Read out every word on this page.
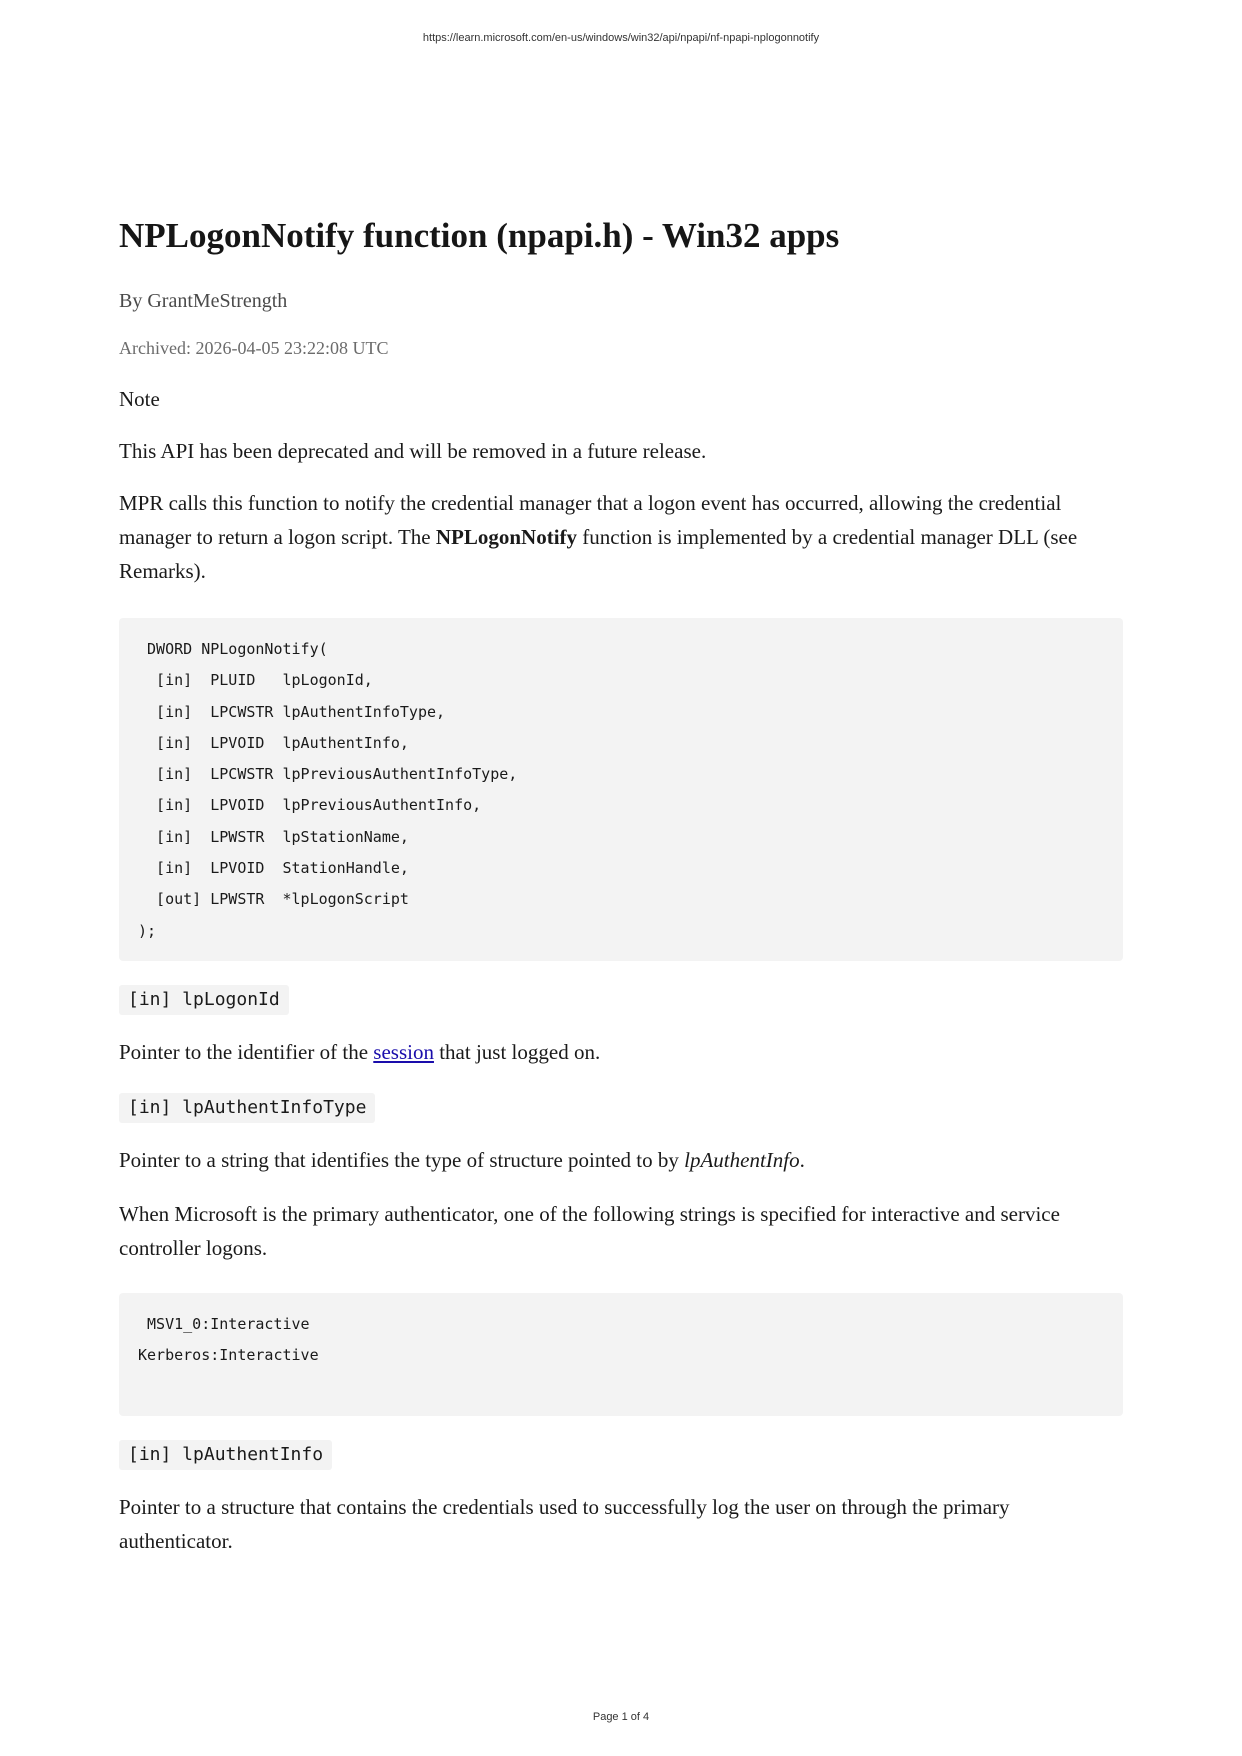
https://learn.microsoft.com/en-us/windows/win32/api/npapi/nf-npapi-nplogonnotify
NPLogonNotify function (npapi.h) - Win32 apps
By GrantMeStrength
Archived: 2026-04-05 23:22:08 UTC

Note

This API has been deprecated and will be removed in a future release.

MPR calls this function to notify the credential manager that a logon event has occurred, allowing the credential manager to return a logon script. The NPLogonNotify function is implemented by a credential manager DLL (see Remarks).

DWORD NPLogonNotify(
[in]  PLUID   lpLogonId,
[in]  LPCWSTR lpAuthentInfoType,
[in]  LPVOID  lpAuthentInfo,
[in]  LPCWSTR lpPreviousAuthentInfoType,
[in]  LPVOID  lpPreviousAuthentInfo,
[in]  LPWSTR  lpStationName,
[in]  LPVOID  StationHandle,
[out] LPWSTR  *lpLogonScript
);
[in] lpLogonId

Pointer to the identifier of the session that just logged on.

[in] lpAuthentInfoType

Pointer to a string that identifies the type of structure pointed to by lpAuthentInfo.

When Microsoft is the primary authenticator, one of the following strings is specified for interactive and service controller logons.

MSV1_0:Interactive
Kerberos:Interactive
[in] lpAuthentInfo

Pointer to a structure that contains the credentials used to successfully log the user on through the primary authenticator.

Page 1 of 4
